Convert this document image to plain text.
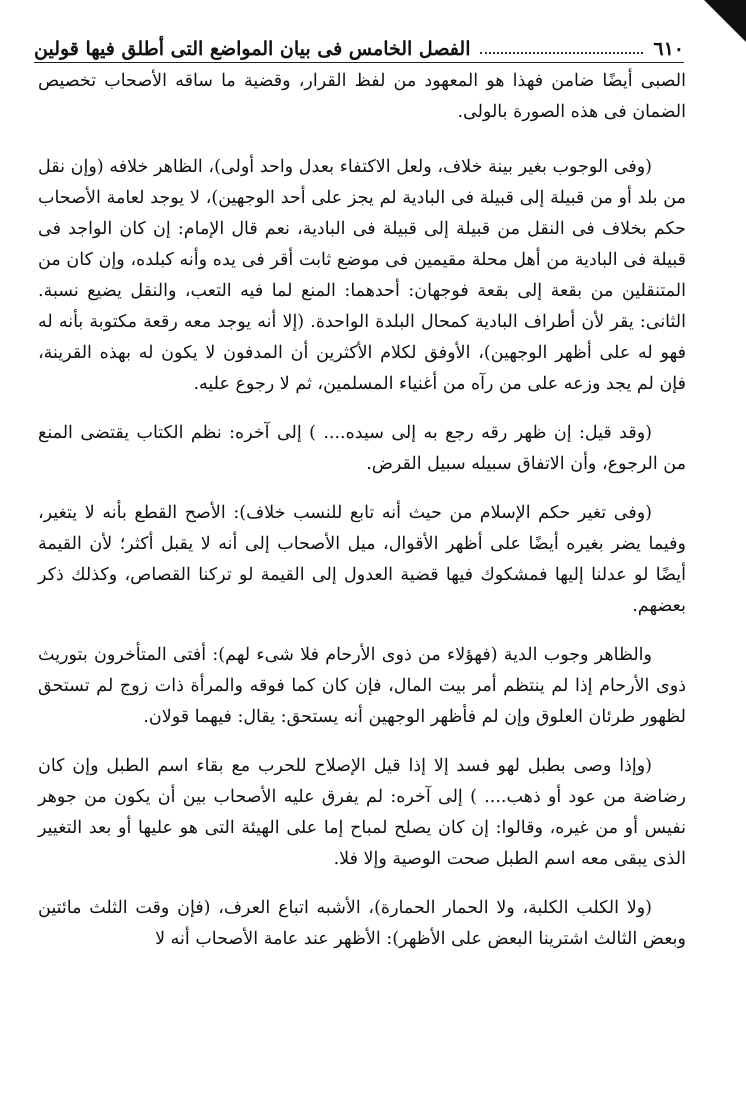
٦١٠
الفصل الخامس فى بيان المواضع التى أطلق فيها قولين

الصبى أيضًا ضامن فهذا هو المعهود من لفظ القرار، وقضية ما ساقه الأصحاب تخصيص الضمان فى هذه الصورة بالولى.

(وفى الوجوب بغير بينة خلاف، ولعل الاكتفاء بعدل واحد أولى)، الظاهر خلافه (وإن نقل من بلد أو من قبيلة إلى قبيلة فى البادية لم يجز على أحد الوجهين)، لا يوجد لعامة الأصحاب حكم بخلاف فى النقل من قبيلة إلى قبيلة فى البادية، نعم قال الإمام: إن كان الواجد فى قبيلة فى البادية من أهل محلة مقيمين فى موضع ثابت أقر فى يده وأنه كبلده، وإن كان من المتنقلين من بقعة إلى بقعة فوجهان: أحدهما: المنع لما فيه التعب، والنقل يضيع نسبة. الثانى: يقر لأن أطراف البادية كمحال البلدة الواحدة. (إلا أنه يوجد معه رقعة مكتوبة بأنه له فهو له على أظهر الوجهين)، الأوفق لكلام الأكثرين أن المدفون لا يكون له بهذه القرينة، فإن لم يجد وزعه على من رآه من أغنياء المسلمين، ثم لا رجوع عليه.

(وقد قيل: إن ظهر رقه رجع به إلى سيده.... ) إلى آخره: نظم الكتاب يقتضى المنع من الرجوع، وأن الاتفاق سبيله سبيل القرض.

(وفى تغير حكم الإسلام من حيث أنه تابع للنسب خلاف): الأصح القطع بأنه لا يتغير، وفيما يضر بغيره أيضًا على أظهر الأقوال، ميل الأصحاب إلى أنه لا يقبل أكثر؛ لأن القيمة أيضًا لو عدلنا إليها فمشكوك فيها قضية العدول إلى القيمة لو تركنا القصاص، وكذلك ذكر بعضهم.

والظاهر وجوب الدية (فهؤلاء من ذوى الأرحام فلا شىء لهم): أفتى المتأخرون بتوريث ذوى الأرحام إذا لم ينتظم أمر بيت المال، فإن كان كما فوقه والمرأة ذات زوج لم تستحق لظهور طرئان العلوق وإن لم فأظهر الوجهين أنه يستحق: يقال: فيهما قولان.

(وإذا وصى بطبل لهو فسد إلا إذا قيل الإصلاح للحرب مع بقاء اسم الطبل وإن كان رضاضة من عود أو ذهب.... ) إلى آخره: لم يفرق عليه الأصحاب بين أن يكون من جوهر نفيس أو من غيره، وقالوا: إن كان يصلح لمباح إما على الهيئة التى هو عليها أو بعد التغيير الذى يبقى معه اسم الطبل صحت الوصية وإلا فلا.

(ولا الكلب الكلبة، ولا الحمار الحمارة)، الأشبه اتباع العرف، (فإن وقت الثلث مائتين وبعض الثالث اشترينا البعض على الأظهر): الأظهر عند عامة الأصحاب أنه لا
